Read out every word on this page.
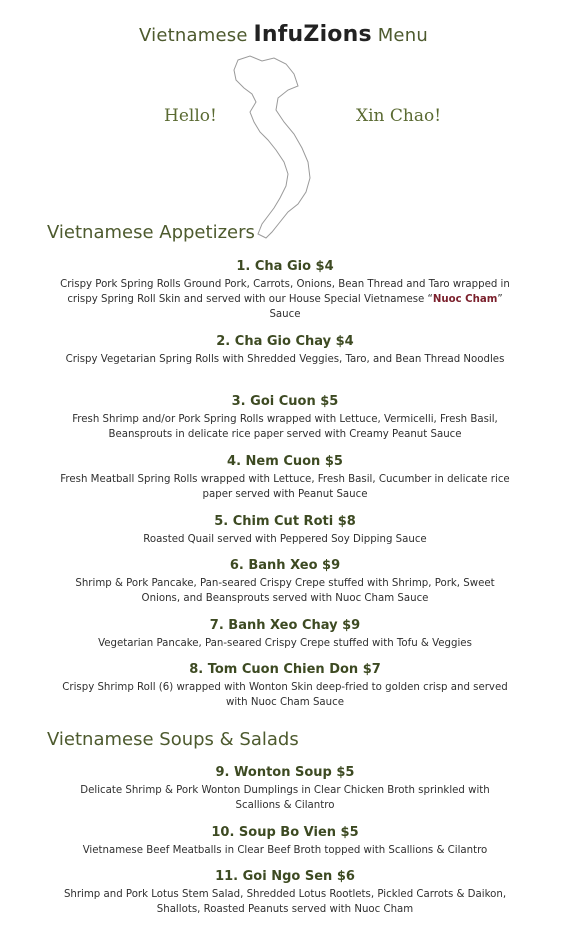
Vietnamese InfuZions Menu
Hello!	Xin Chao!
Vietnamese Appetizers
1. Cha Gio $4
Crispy Pork Spring Rolls Ground Pork, Carrots, Onions, Bean Thread and Taro wrapped in crispy Spring Roll Skin and served with our House Special Vietnamese “Nuoc Cham” Sauce
2. Cha Gio Chay $4
Crispy Vegetarian Spring Rolls with Shredded Veggies, Taro, and Bean Thread Noodles
3. Goi Cuon $5
Fresh Shrimp and/or Pork Spring Rolls wrapped with Lettuce, Vermicelli, Fresh Basil, Beansprouts in delicate rice paper served with Creamy Peanut Sauce
4. Nem Cuon $5
Fresh Meatball Spring Rolls wrapped with Lettuce, Fresh Basil, Cucumber in delicate rice paper served with Peanut Sauce
5. Chim Cut Roti $8
Roasted Quail served with Peppered Soy Dipping Sauce
6. Banh Xeo $9
Shrimp & Pork Pancake, Pan-seared Crispy Crepe stuffed with Shrimp, Pork, Sweet Onions, and Beansprouts served with Nuoc Cham Sauce
7. Banh Xeo Chay $9
Vegetarian Pancake, Pan-seared Crispy Crepe stuffed with Tofu & Veggies
8. Tom Cuon Chien Don $7
Crispy Shrimp Roll (6) wrapped with Wonton Skin deep-fried to golden crisp and served with Nuoc Cham Sauce
Vietnamese Soups & Salads
9. Wonton Soup $5
Delicate Shrimp & Pork Wonton Dumplings in Clear Chicken Broth sprinkled with Scallions & Cilantro
10. Soup Bo Vien $5
Vietnamese Beef Meatballs in Clear Beef Broth topped with Scallions & Cilantro
11. Goi Ngo Sen $6
Shrimp and Pork Lotus Stem Salad, Shredded Lotus Rootlets, Pickled Carrots & Daikon, Shallots, Roasted Peanuts served with Nuoc Cham
